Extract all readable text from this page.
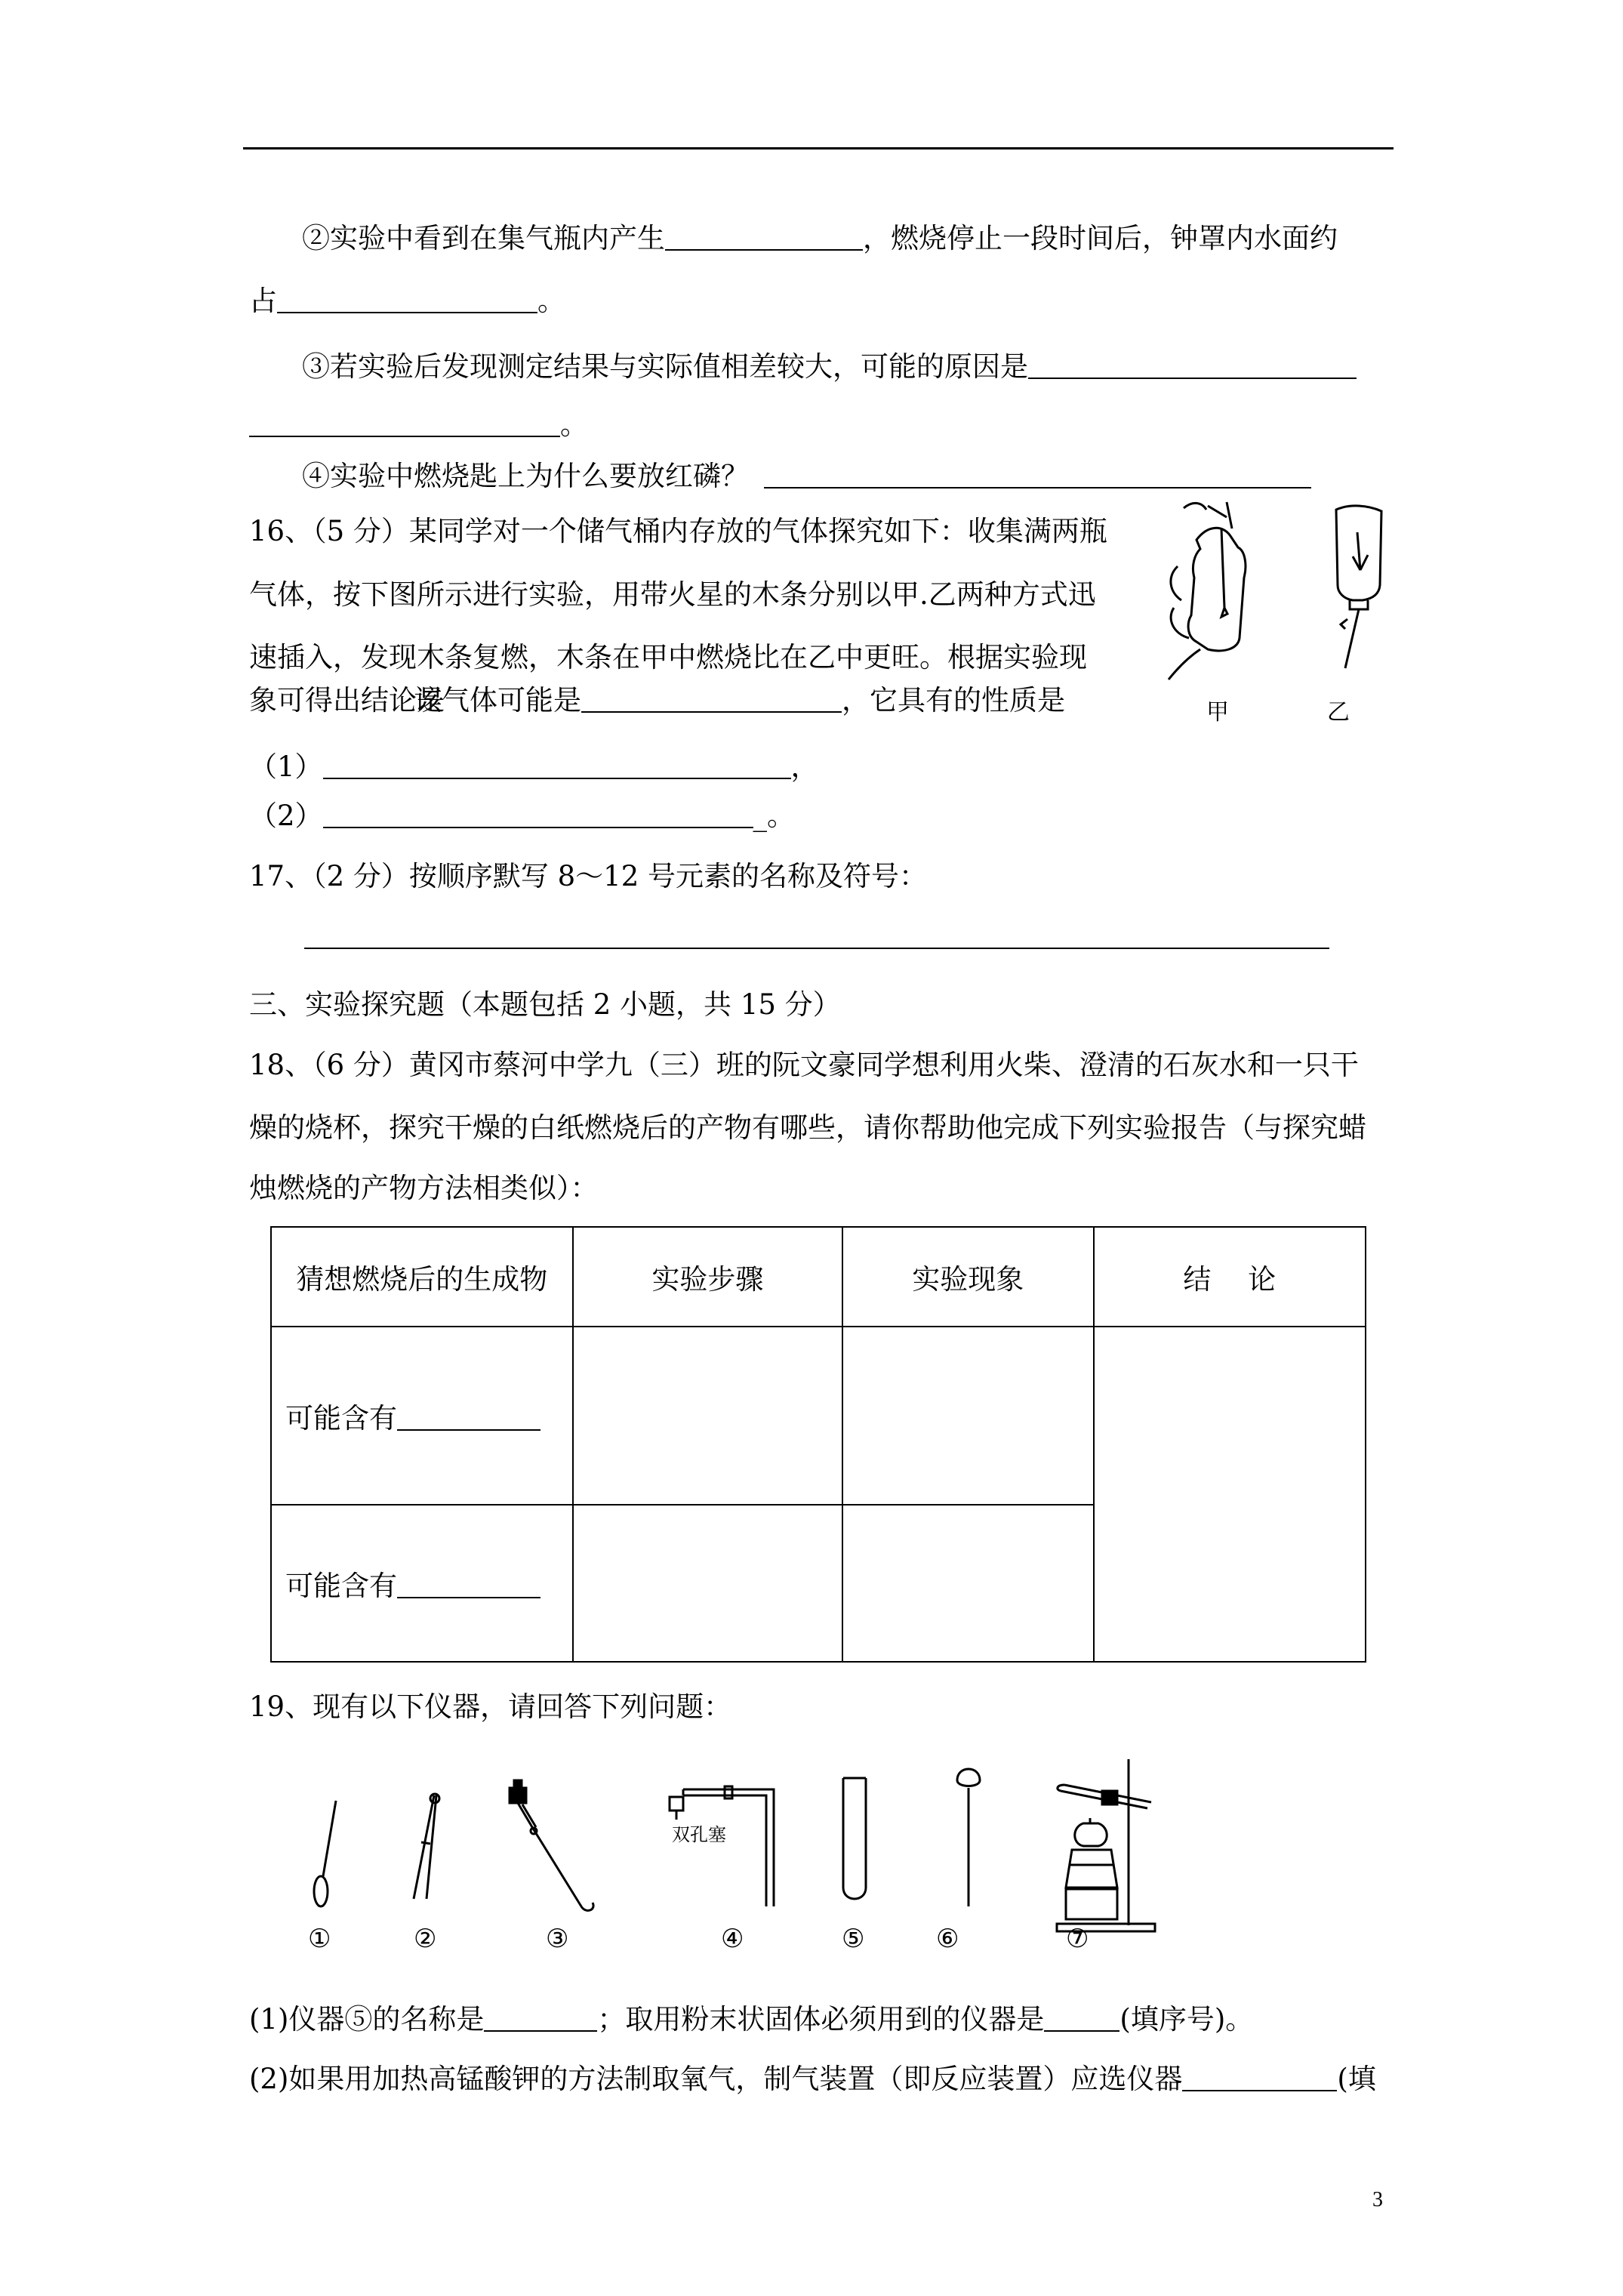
②实验中看到在集气瓶内产生	，燃烧停止一段时间后，钟罩内水面约
占	。
③若实验后发现测定结果与实际值相差较大，可能的原因是
。
④实验中燃烧匙上为什么要放红磷？
16、（5 分）某同学对一个储气桶内存放的气体探究如下：收集满两瓶
气体，按下图所示进行实验，用带火星的木条分别以甲.乙两种方式迅
速插入，发现木条复燃，木条在甲中燃烧比在乙中更旺。根据实验现
象可得出结论是
该气体可能是	，它具有的性质是	甲	乙
（1）	，
（2）	_。
17、（2 分）按顺序默写 8～12 号元素的名称及符号：
三、实验探究题（本题包括 2 小题，共 15 分）
18、（6 分）黄冈市蔡河中学九（三）班的阮文豪同学想利用火柴、澄清的石灰水和一只干
燥的烧杯，探究干燥的白纸燃烧后的产物有哪些，请你帮助他完成下列实验报告（与探究蜡
烛燃烧的产物方法相类似）：
猜想燃烧后的生成物	实验步骤	实验现象	结　 论
可能含有			
可能含有			
19、现有以下仪器，请回答下列问题：
双孔塞
①	②	③	④	⑤	⑥	⑦
(1)仪器⑤的名称是	；取用粉末状固体必须用到的仪器是	(填序号)。
(2)如果用加热高锰酸钾的方法制取氧气，制气装置（即反应装置）应选仪器	(填
3
